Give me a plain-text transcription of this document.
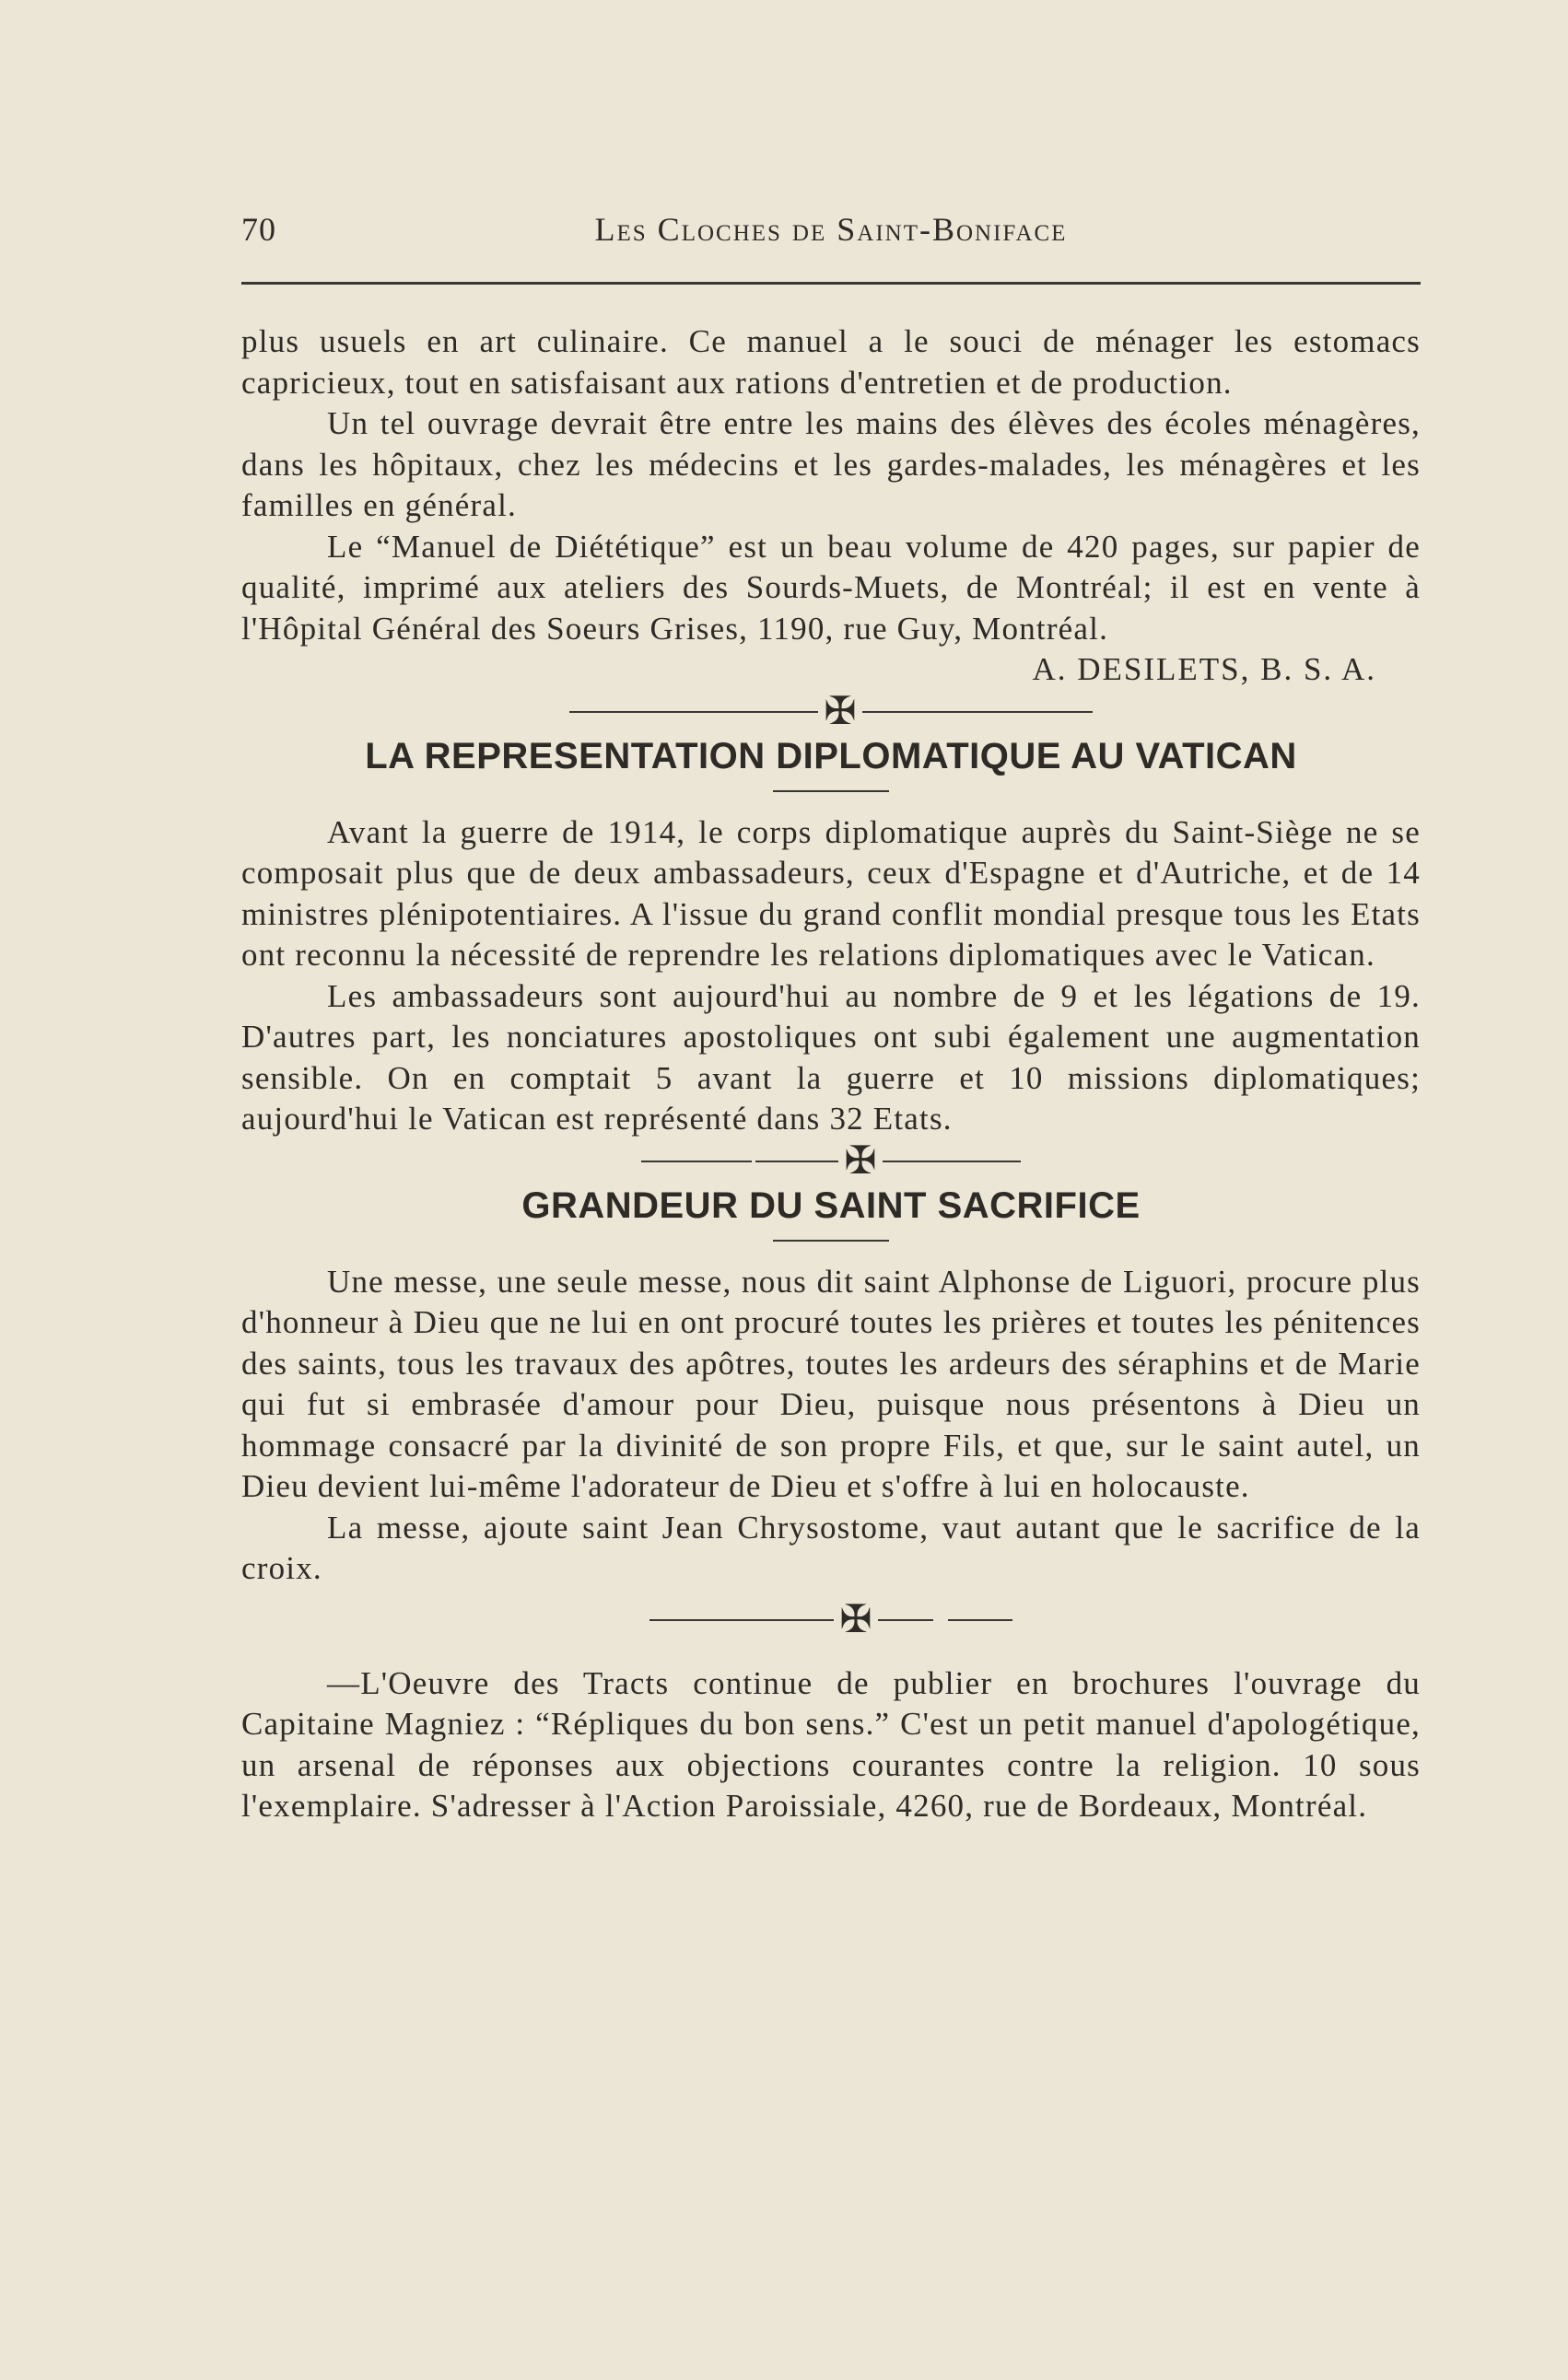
70	Les Cloches de Saint-Boniface

plus usuels en art culinaire. Ce manuel a le souci de ménager les estomacs capricieux, tout en satisfaisant aux rations d'entretien et de production.

Un tel ouvrage devrait être entre les mains des élèves des écoles ménagères, dans les hôpitaux, chez les médecins et les gardes-malades, les ménagères et les familles en général.

Le “Manuel de Diététique” est un beau volume de 420 pages, sur papier de qualité, imprimé aux ateliers des Sourds-Muets, de Montréal; il est en vente à l'Hôpital Général des Soeurs Grises, 1190, rue Guy, Montréal.

A. DESILETS, B. S. A.

✠
LA REPRESENTATION DIPLOMATIQUE AU VATICAN

Avant la guerre de 1914, le corps diplomatique auprès du Saint-Siège ne se composait plus que de deux ambassadeurs, ceux d'Espagne et d'Autriche, et de 14 ministres plénipotentiaires. A l'issue du grand conflit mondial presque tous les Etats ont reconnu la nécessité de reprendre les relations diplomatiques avec le Vatican.

Les ambassadeurs sont aujourd'hui au nombre de 9 et les légations de 19. D'autres part, les nonciatures apostoliques ont subi également une augmentation sensible. On en comptait 5 avant la guerre et 10 missions diplomatiques; aujourd'hui le Vatican est représenté dans 32 Etats.

✠
GRANDEUR DU SAINT SACRIFICE

Une messe, une seule messe, nous dit saint Alphonse de Liguori, procure plus d'honneur à Dieu que ne lui en ont procuré toutes les prières et toutes les pénitences des saints, tous les travaux des apôtres, toutes les ardeurs des séraphins et de Marie qui fut si embrasée d'amour pour Dieu, puisque nous présentons à Dieu un hommage consacré par la divinité de son propre Fils, et que, sur le saint autel, un Dieu devient lui-même l'adorateur de Dieu et s'offre à lui en holocauste.

La messe, ajoute saint Jean Chrysostome, vaut autant que le sacrifice de la croix.

✠

—L'Oeuvre des Tracts continue de publier en brochures l'ouvrage du Capitaine Magniez : “Répliques du bon sens.” C'est un petit manuel d'apologétique, un arsenal de réponses aux objections courantes contre la religion. 10 sous l'exemplaire. S'adresser à l'Action Paroissiale, 4260, rue de Bordeaux, Montréal.
